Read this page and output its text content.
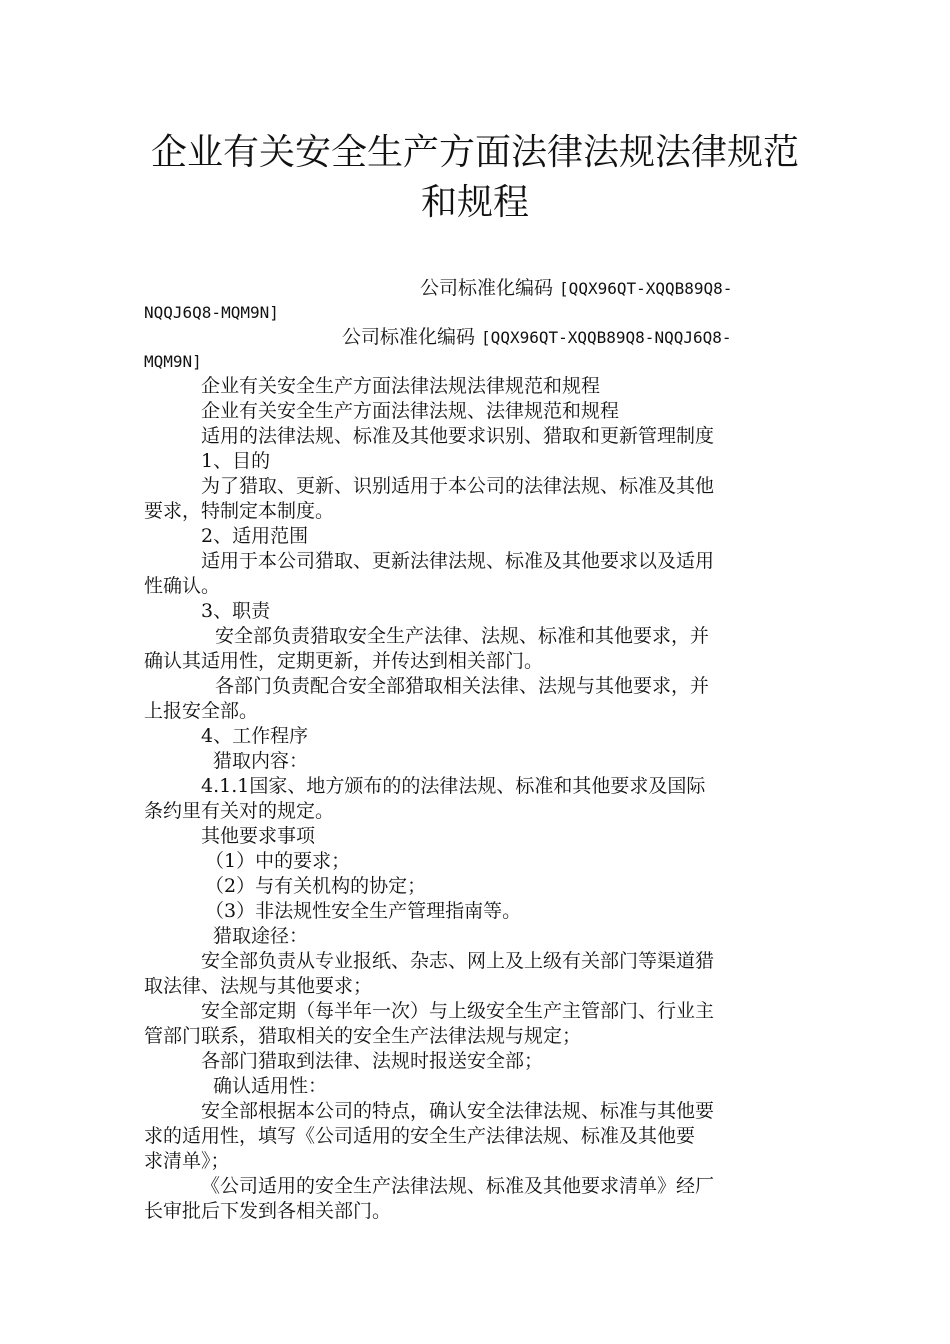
企业有关安全生产方面法律法规法律规范
和规程

公司标准化编码 [QQX96QT-XQQB89Q8-

NQQJ6Q8-MQM9N]

公司标准化编码 [QQX96QT-XQQB89Q8-NQQJ6Q8-

MQM9N]

企业有关安全生产方面法律法规法律规范和规程

企业有关安全生产方面法律法规、法律规范和规程

适用的法律法规、标准及其他要求识别、猎取和更新管理制度

1、目的

为了猎取、更新、识别适用于本公司的法律法规、标准及其他

要求，特制定本制度。

2、适用范围

适用于本公司猎取、更新法律法规、标准及其他要求以及适用

性确认。

3、职责

安全部负责猎取安全生产法律、法规、标准和其他要求，并

确认其适用性，定期更新，并传达到相关部门。

各部门负责配合安全部猎取相关法律、法规与其他要求，并

上报安全部。

4、工作程序

猎取内容：

4.1.1国家、地方颁布的的法律法规、标准和其他要求及国际

条约里有关对的规定。

其他要求事项

（1）中的要求；

（2）与有关机构的协定；

（3）非法规性安全生产管理指南等。

猎取途径：

安全部负责从专业报纸、杂志、网上及上级有关部门等渠道猎

取法律、法规与其他要求；

安全部定期（每半年一次）与上级安全生产主管部门、行业主

管部门联系，猎取相关的安全生产法律法规与规定；

各部门猎取到法律、法规时报送安全部；

确认适用性：

安全部根据本公司的特点，确认安全法律法规、标准与其他要

求的适用性，填写《公司适用的安全生产法律法规、标准及其他要

求清单》；

《公司适用的安全生产法律法规、标准及其他要求清单》经厂

长审批后下发到各相关部门。
